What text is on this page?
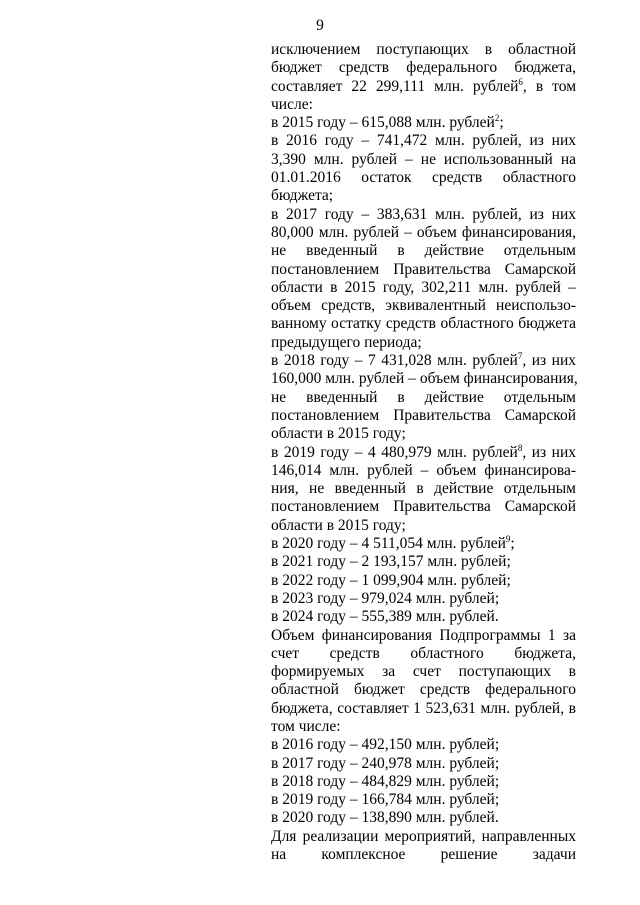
9
исключением поступающих в областной
бюджет средств федерального бюджета,
составляет 22 299,111 млн. рублей$^6$, в том
числе:
в 2015 году – 615,088 млн. рублей$^2$;
в 2016 году – 741,472 млн. рублей, из них
3,390 млн. рублей – не использованный на
01.01.2016 остаток средств областного
бюджета;
в 2017 году – 383,631 млн. рублей, из них
80,000 млн. рублей – объем финансирования,
не введенный в действие отдельным
постановлением Правительства Самарской
области в 2015 году, 302,211 млн. рублей –
объем средств, эквивалентный неиспользо-
ванному остатку средств областного бюджета
предыдущего периода;
в 2018 году – 7 431,028 млн. рублей$^7$, из них
160,000 млн. рублей – объем финансирования,
не введенный в действие отдельным
постановлением Правительства Самарской
области в 2015 году;
в 2019 году – 4 480,979 млн. рублей$^8$, из них
146,014 млн. рублей – объем финансирова-
ния, не введенный в действие отдельным
постановлением Правительства Самарской
области в 2015 году;
в 2020 году – 4 511,054 млн. рублей$^9$;
в 2021 году – 2 193,157 млн. рублей;
в 2022 году – 1 099,904 млн. рублей;
в 2023 году – 979,024 млн. рублей;
в 2024 году – 555,389 млн. рублей.
Объем финансирования Подпрограммы 1 за
счет средств областного бюджета,
формируемых за счет поступающих в
областной бюджет средств федерального
бюджета, составляет 1 523,631 млн. рублей, в
том числе:
в 2016 году – 492,150 млн. рублей;
в 2017 году – 240,978 млн. рублей;
в 2018 году – 484,829 млн. рублей;
в 2019 году – 166,784 млн. рублей;
в 2020 году – 138,890 млн. рублей.
Для реализации мероприятий, направленных
на комплексное решение задачи
